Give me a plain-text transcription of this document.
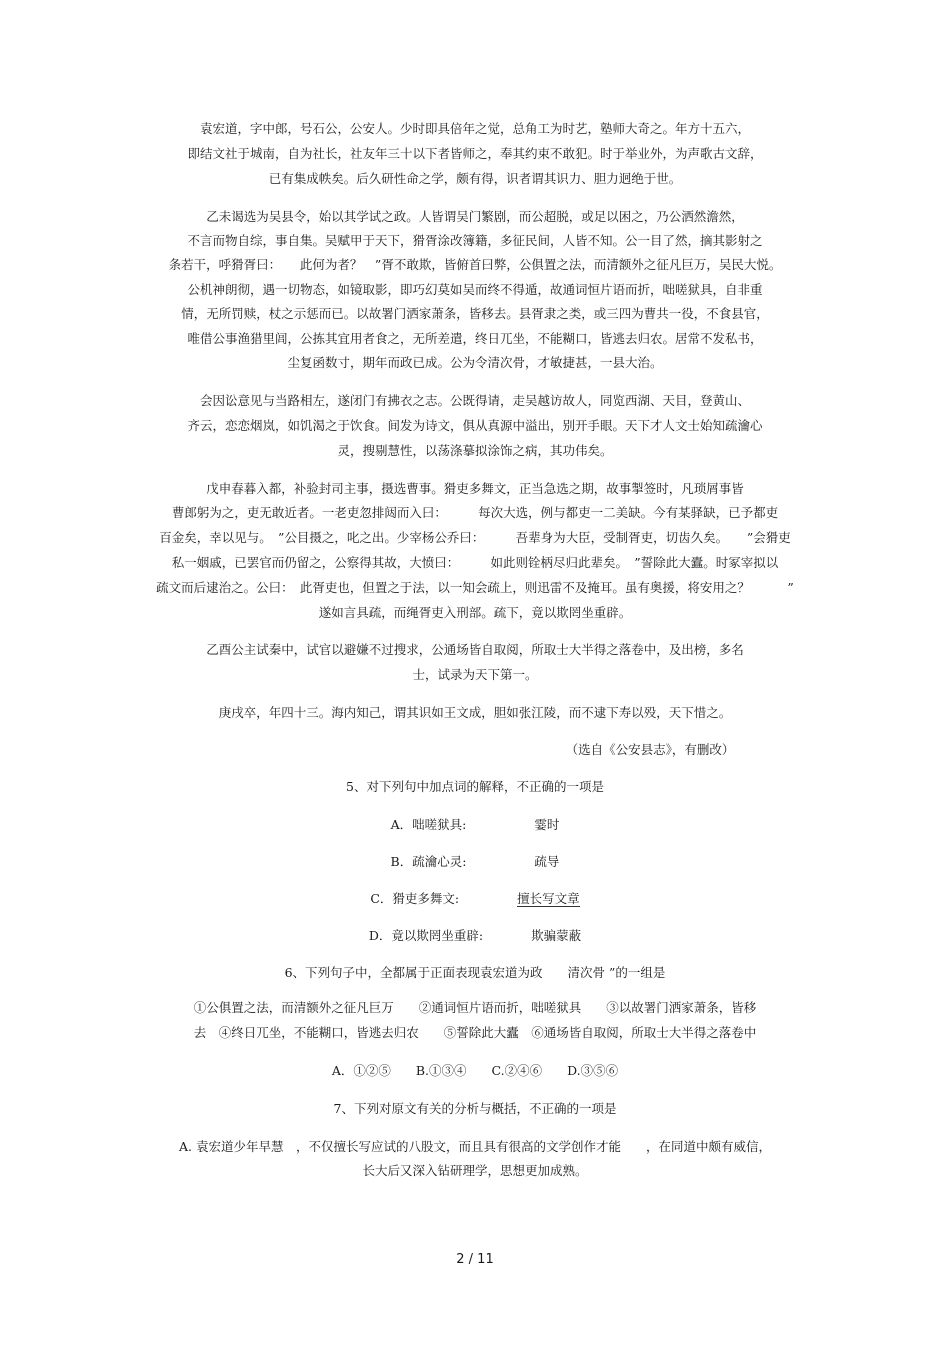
袁宏道，字中郎，号石公，公安人。少时即具倍年之觉，总角工为时艺，塾师大奇之。年方十五六，
即结文社于城南，自为社长，社友年三十以下者皆师之，奉其约束不敢犯。时于举业外，为声歌古文辞，
已有集成帙矣。后久研性命之学，颇有得，识者谓其识力、胆力迥绝于世。
乙未谒选为吴县令，始以其学试之政。人皆谓吴门繁剧，而公超脱，或足以困之，乃公洒然澹然，
不言而物自综，事自集。吴赋甲于天下，猾胥涂改簿籍，多征民间，人皆不知。公一目了然，摘其影射之
条若干，呼猾胥曰：　　此何为者？　”胥不敢欺，皆俯首曰弊，公俱置之法，而清额外之征凡巨万，吴民大悦。
公机神朗彻，遇一切物态，如镜取影，即巧幻莫如吴而终不得遁，故通词恒片语而折，咄嗟狱具，自非重
情，无所罚赎，杖之示惩而已。以故署门洒家萧条，皆移去。县胥隶之类，或三四为曹共一役，不食县官，
唯借公事渔猎里闾，公拣其宜用者食之，无所差遣，终日兀坐，不能糊口，皆逃去归农。居常不发私书，
尘复函数寸，期年而政已成。公为令清次骨，才敏捷甚，一县大治。
会因讼意见与当路相左，遂闭门有拂衣之志。公既得请，走吴越访故人，同览西湖、天目，登黄山、
齐云，恋恋烟岚，如饥渴之于饮食。间发为诗文，俱从真源中溢出，别开手眼。天下才人文士始知疏瀹心
灵，搜剔慧性，以荡涤摹拟涂饰之病，其功伟矣。
戊申春暮入都，补验封司主事，摄选曹事。猾吏多舞文，正当急选之期，故事掣签时，凡琐屑事皆
曹郎躬为之，吏无敢近者。一老吏忽排闼而入曰：　　　每次大选，例与都吏一二美缺。今有某驿缺，已予都吏
百金矣，幸以见与。　”公目摄之，叱之出。少宰杨公乔曰：　　　吾辈身为大臣，受制胥吏，切齿久矣。　　”会猾吏
私一姻戚，已罢官而仍留之，公察得其故，大愤曰：　　　如此则铨柄尽归此辈矣。　”誓除此大蠹。时冢宰拟以
疏文而后逮治之。公曰：　此胥吏也，但置之于法，以一知会疏上，则迅雷不及掩耳。虽有奥援，将安用之？　　　”
遂如言具疏，而绳胥吏入刑部。疏下，竟以欺罔坐重辟。
乙酉公主试秦中，试官以避嫌不过搜求，公通场皆自取阅，所取士大半得之落卷中，及出榜，多名
士，试录为天下第一。
庚戌卒，年四十三。海内知己，谓其识如王文成，胆如张江陵，而不逮下寿以殁，天下惜之。
（选自《公安县志》，有删改）
5、对下列句中加点词的解释，不正确的一项是
A．咄嗟狱具:	霎时
B．疏瀹心灵:	疏导
C．猾吏多舞文:	擅长写文章
D．竟以欺罔坐重辟:	欺骗蒙蔽
6、下列句子中，全都属于正面表现袁宏道为政　　清次骨 ”的一组是
①公俱置之法，而清额外之征凡巨万　　②通词恒片语而折，咄嗟狱具　　③以故署门洒家萧条，皆移
去　④终日兀坐，不能糊口，皆逃去归农　　⑤誓除此大蠹　⑥通场皆自取阅，所取士大半得之落卷中
A．①②⑤　　B.①③④　　C.②④⑥　　D.③⑤⑥
7、下列对原文有关的分析与概括，不正确的一项是
A. 袁宏道少年早慧　，不仅擅长写应试的八股文，而且具有很高的文学创作才能　　，在同道中颇有威信，
长大后又深入钻研理学，思想更加成熟。
2 / 11
